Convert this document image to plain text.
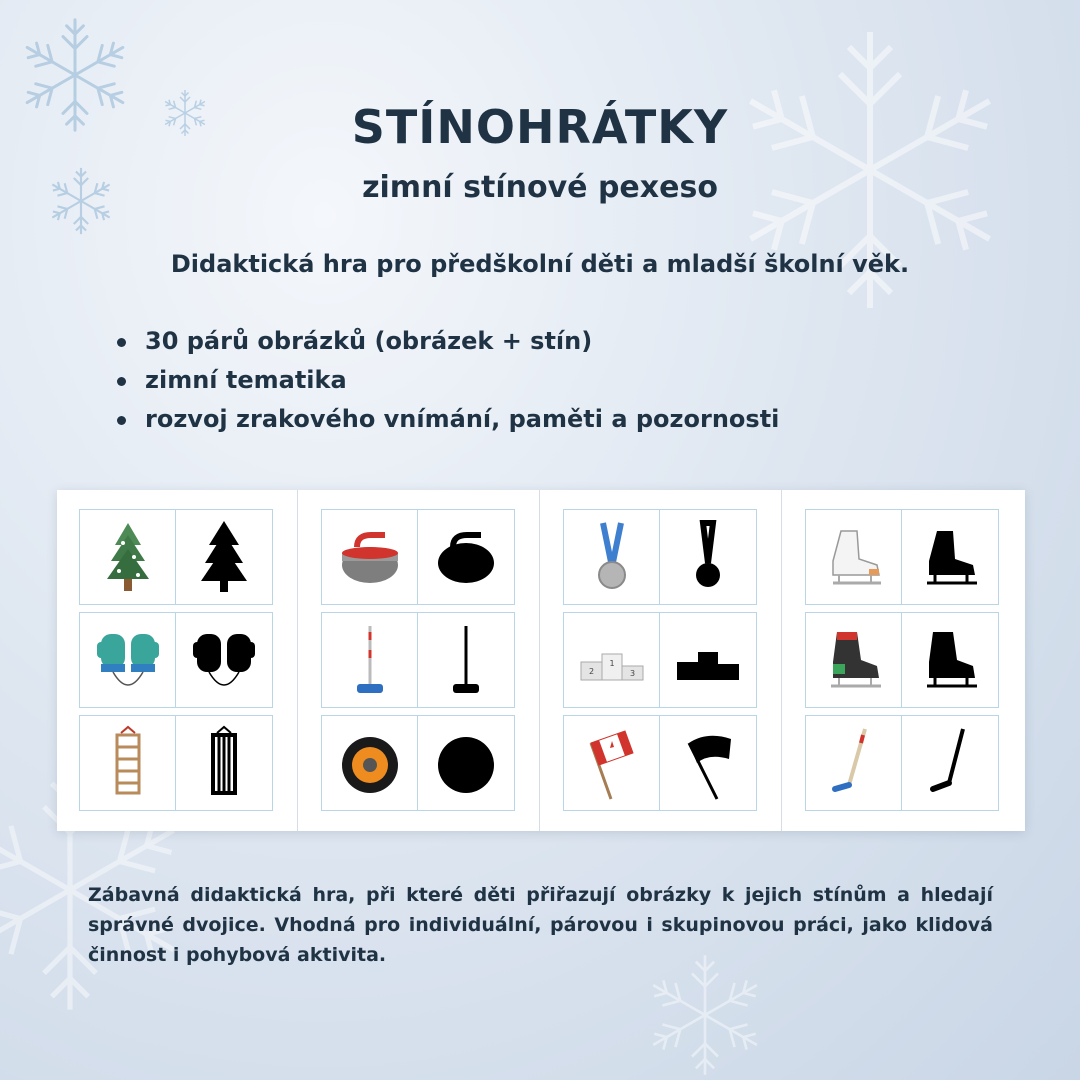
STÍNOHRÁTKY
zimní stínové pexeso
Didaktická hra pro předškolní děti a mladší školní věk.
30 párů obrázků (obrázek + stín)
zimní tematika
rozvoj zrakového vnímání, paměti a pozornosti
2
1
3
Zábavná didaktická hra, při které děti přiřazují obrázky k jejich stínům a hledají správné dvojice. Vhodná pro individuální, párovou i skupinovou práci, jako klidová činnost i pohybová aktivita.
